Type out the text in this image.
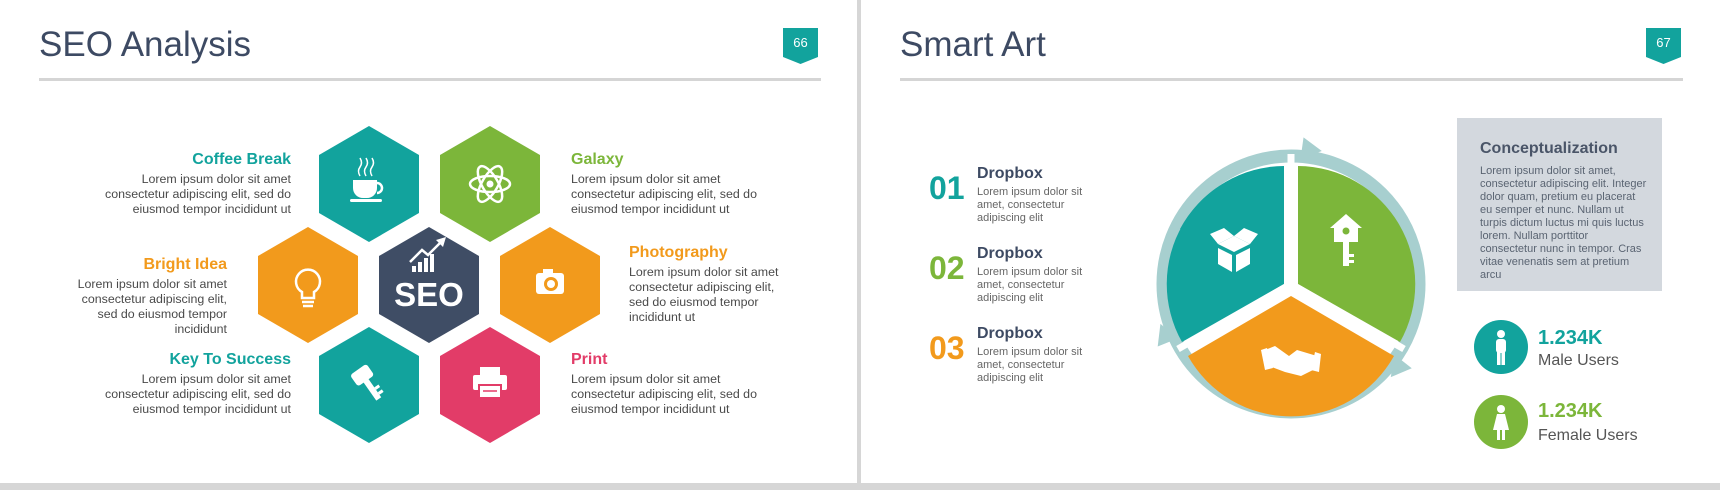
SEO Analysis	66
SEO
Coffee Break
Lorem ipsum dolor sit amet consectetur adipiscing elit, sed do eiusmod tempor incididunt ut
Galaxy
Lorem ipsum dolor sit amet consectetur adipiscing elit, sed do eiusmod tempor incididunt ut
Bright Idea
Lorem ipsum dolor sit amet consectetur adipiscing elit, sed do eiusmod tempor incididunt
Photography
Lorem ipsum dolor sit amet consectetur adipiscing elit, sed do eiusmod tempor incididunt ut
Key To Success
Lorem ipsum dolor sit amet consectetur adipiscing elit, sed do eiusmod tempor incididunt ut
Print
Lorem ipsum dolor sit amet consectetur adipiscing elit, sed do eiusmod tempor incididunt ut
Smart Art	67
01 Dropbox
Lorem ipsum dolor sit amet, consectetur adipiscing elit
02 Dropbox
Lorem ipsum dolor sit amet, consectetur adipiscing elit
03 Dropbox
Lorem ipsum dolor sit amet, consectetur adipiscing elit
Conceptualization
Lorem ipsum dolor sit amet, consectetur adipiscing elit. Integer dolor quam, pretium eu placerat eu semper et nunc. Nullam ut turpis dictum luctus mi quis luctus lorem. Nullam porttitor consectetur nunc in tempor. Cras vitae venenatis sem at pretium arcu
1.234K
Male Users
1.234K
Female Users
